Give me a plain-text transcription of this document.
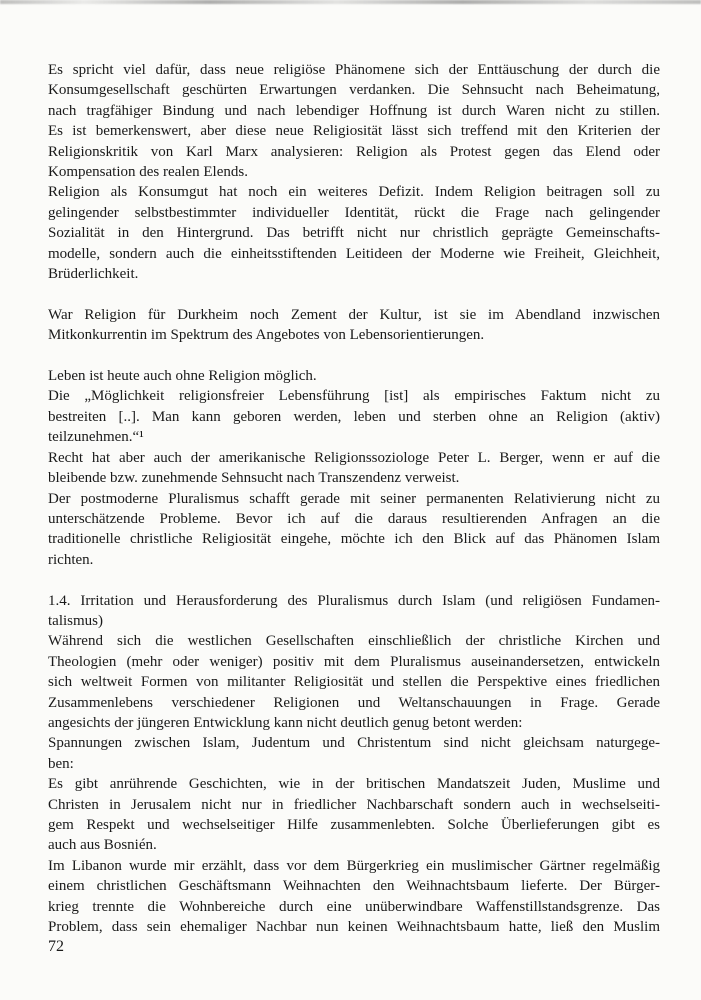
Es spricht viel dafür, dass neue religiöse Phänomene sich der Enttäuschung der durch die
Konsumgesellschaft geschürten Erwartungen verdanken. Die Sehnsucht nach Beheimatung,
nach tragfähiger Bindung und nach lebendiger Hoffnung ist durch Waren nicht zu stillen.
Es ist bemerkenswert, aber diese neue Religiosität lässt sich treffend mit den Kriterien der
Religionskritik von Karl Marx analysieren: Religion als Protest gegen das Elend oder
Kompensation des realen Elends.
Religion als Konsumgut hat noch ein weiteres Defizit. Indem Religion beitragen soll zu
gelingender selbstbestimmter individueller Identität, rückt die Frage nach gelingender
Sozialität in den Hintergrund. Das betrifft nicht nur christlich geprägte Gemeinschafts-
modelle, sondern auch die einheitsstiftenden Leitideen der Moderne wie Freiheit, Gleichheit,
Brüderlichkeit.
War Religion für Durkheim noch Zement der Kultur, ist sie im Abendland inzwischen
Mitkonkurrentin im Spektrum des Angebotes von Lebensorientierungen.
Leben ist heute auch ohne Religion möglich.
Die „Möglichkeit religionsfreier Lebensführung [ist] als empirisches Faktum nicht zu
bestreiten [..]. Man kann geboren werden, leben und sterben ohne an Religion (aktiv)
teilzunehmen.“¹
Recht hat aber auch der amerikanische Religionssoziologe Peter L. Berger, wenn er auf die
bleibende bzw. zunehmende Sehnsucht nach Transzendenz verweist.
Der postmoderne Pluralismus schafft gerade mit seiner permanenten Relativierung nicht zu
unterschätzende Probleme. Bevor ich auf die daraus resultierenden Anfragen an die
traditionelle christliche Religiosität eingehe, möchte ich den Blick auf das Phänomen Islam
richten.
1.4. Irritation und Herausforderung des Pluralismus durch Islam (und religiösen Fundamen-
talismus)
Während sich die westlichen Gesellschaften einschließlich der christliche Kirchen und
Theologien (mehr oder weniger) positiv mit dem Pluralismus auseinandersetzen, entwickeln
sich weltweit Formen von militanter Religiosität und stellen die Perspektive eines friedlichen
Zusammenlebens verschiedener Religionen und Weltanschauungen in Frage. Gerade
angesichts der jüngeren Entwicklung kann nicht deutlich genug betont werden:
Spannungen zwischen Islam, Judentum und Christentum sind nicht gleichsam naturgege-
ben:
Es gibt anrührende Geschichten, wie in der britischen Mandatszeit Juden, Muslime und
Christen in Jerusalem nicht nur in friedlicher Nachbarschaft sondern auch in wechselseiti-
gem Respekt und wechselseitiger Hilfe zusammenlebten. Solche Überlieferungen gibt es
auch aus Bosnién.
Im Libanon wurde mir erzählt, dass vor dem Bürgerkrieg ein muslimischer Gärtner regelmäßig
einem christlichen Geschäftsmann Weihnachten den Weihnachtsbaum lieferte. Der Bürger-
krieg trennte die Wohnbereiche durch eine unüberwindbare Waffenstillstandsgrenze. Das
Problem, dass sein ehemaliger Nachbar nun keinen Weihnachtsbaum hatte, ließ den Muslim
72
